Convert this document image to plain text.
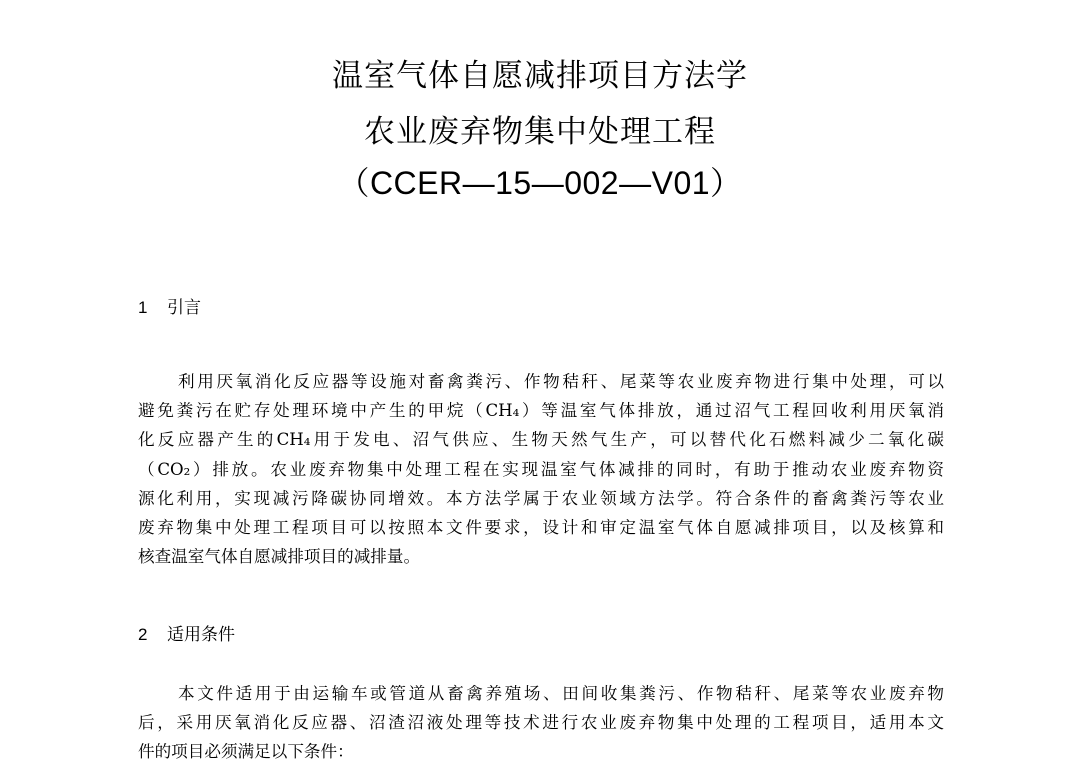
温室气体自愿减排项目方法学
农业废弃物集中处理工程
（CCER—15—002—V01）
1 引言
利用厌氧消化反应器等设施对畜禽粪污、作物秸秆、尾菜等农业废弃物进行集中处理，可以
避免粪污在贮存处理环境中产生的甲烷（CH₄）等温室气体排放，通过沼气工程回收利用厌氧消
化反应器产生的CH₄用于发电、沼气供应、生物天然气生产，可以替代化石燃料减少二氧化碳
（CO₂）排放。农业废弃物集中处理工程在实现温室气体减排的同时，有助于推动农业废弃物资
源化利用，实现减污降碳协同增效。本方法学属于农业领域方法学。符合条件的畜禽粪污等农业
废弃物集中处理工程项目可以按照本文件要求，设计和审定温室气体自愿减排项目，以及核算和
核查温室气体自愿减排项目的减排量。
2 适用条件
本文件适用于由运输车或管道从畜禽养殖场、田间收集粪污、作物秸秆、尾菜等农业废弃物
后，采用厌氧消化反应器、沼渣沼液处理等技术进行农业废弃物集中处理的工程项目，适用本文
件的项目必须满足以下条件：
